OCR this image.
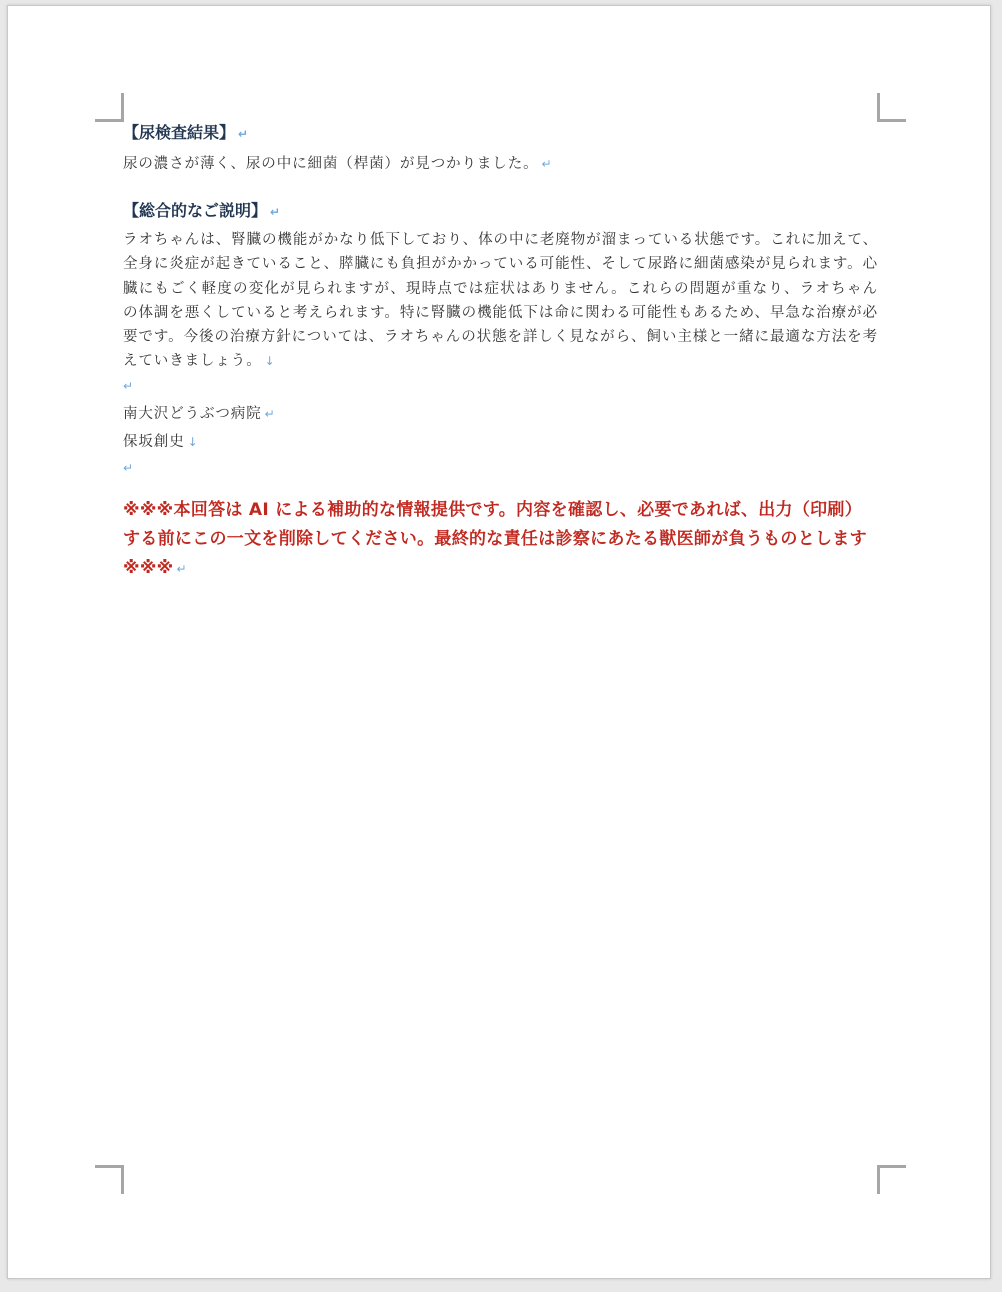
【尿検査結果】 ↵
尿の濃さが薄く、尿の中に細菌（桿菌）が見つかりました。 ↵
【総合的なご説明】 ↵
ラオちゃんは、腎臓の機能がかなり低下しており、体の中に老廃物が溜まっている状態です。これに加えて、全身に炎症が起きていること、膵臓にも負担がかかっている可能性、そして尿路に細菌感染が見られます。心臓にもごく軽度の変化が見られますが、現時点では症状はありません。これらの問題が重なり、ラオちゃんの体調を悪くしていると考えられます。特に腎臓の機能低下は命に関わる可能性もあるため、早急な治療が必要です。今後の治療方針については、ラオちゃんの状態を詳しく見ながら、飼い主様と一緒に最適な方法を考えていきましょう。 ↓
↵
南大沢どうぶつ病院 ↵
保坂創史 ↓
↵
※※※本回答は AI による補助的な情報提供です。内容を確認し、必要であれば、出力（印刷）する前にこの一文を削除してください。最終的な責任は診察にあたる獣医師が負うものとします※※※ ↵
